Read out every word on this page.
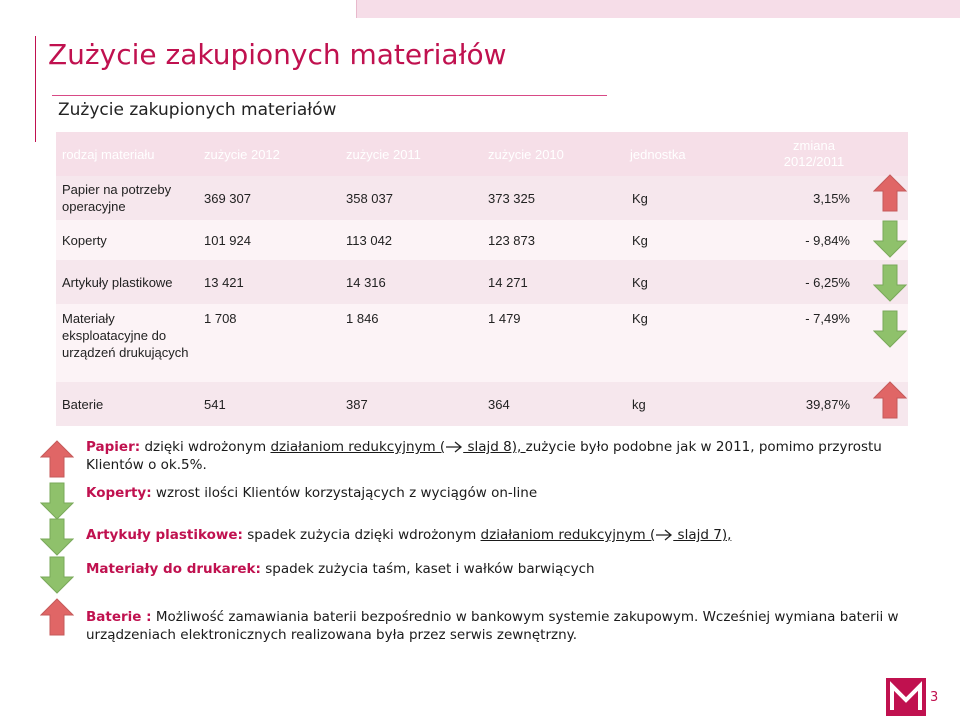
Zużycie zakupionych materiałów
Zużycie zakupionych materiałów
rodzaj materiału	zużycie 2012	zużycie 2011	zużycie 2010	jednostka	zmiana 2012/2011
Papier na potrzeby operacyjne	369 307	358 037	373 325	Kg	3,15%
Koperty	101 924	113 042	123 873	Kg	- 9,84%
Artykuły plastikowe	13 421	14 316	14 271	Kg	- 6,25%
Materiały eksploatacyjne do urządzeń drukujących	1 708	1 846	1 479	Kg	- 7,49%
Baterie	541	387	364	kg	39,87%
Papier: dzięki wdrożonym działaniom redukcyjnym ( slajd 8), zużycie było podobne jak w 2011, pomimo przyrostu Klientów o ok.5%.
Koperty: wzrost ilości Klientów korzystających z wyciągów on-line
Artykuły plastikowe: spadek zużycia dzięki wdrożonym działaniom redukcyjnym ( slajd 7),
Materiały do drukarek: spadek zużycia taśm, kaset i wałków barwiących
Baterie : Możliwość zamawiania baterii bezpośrednio w bankowym systemie zakupowym. Wcześniej wymiana baterii w urządzeniach elektronicznych realizowana była przez serwis zewnętrzny.
3
